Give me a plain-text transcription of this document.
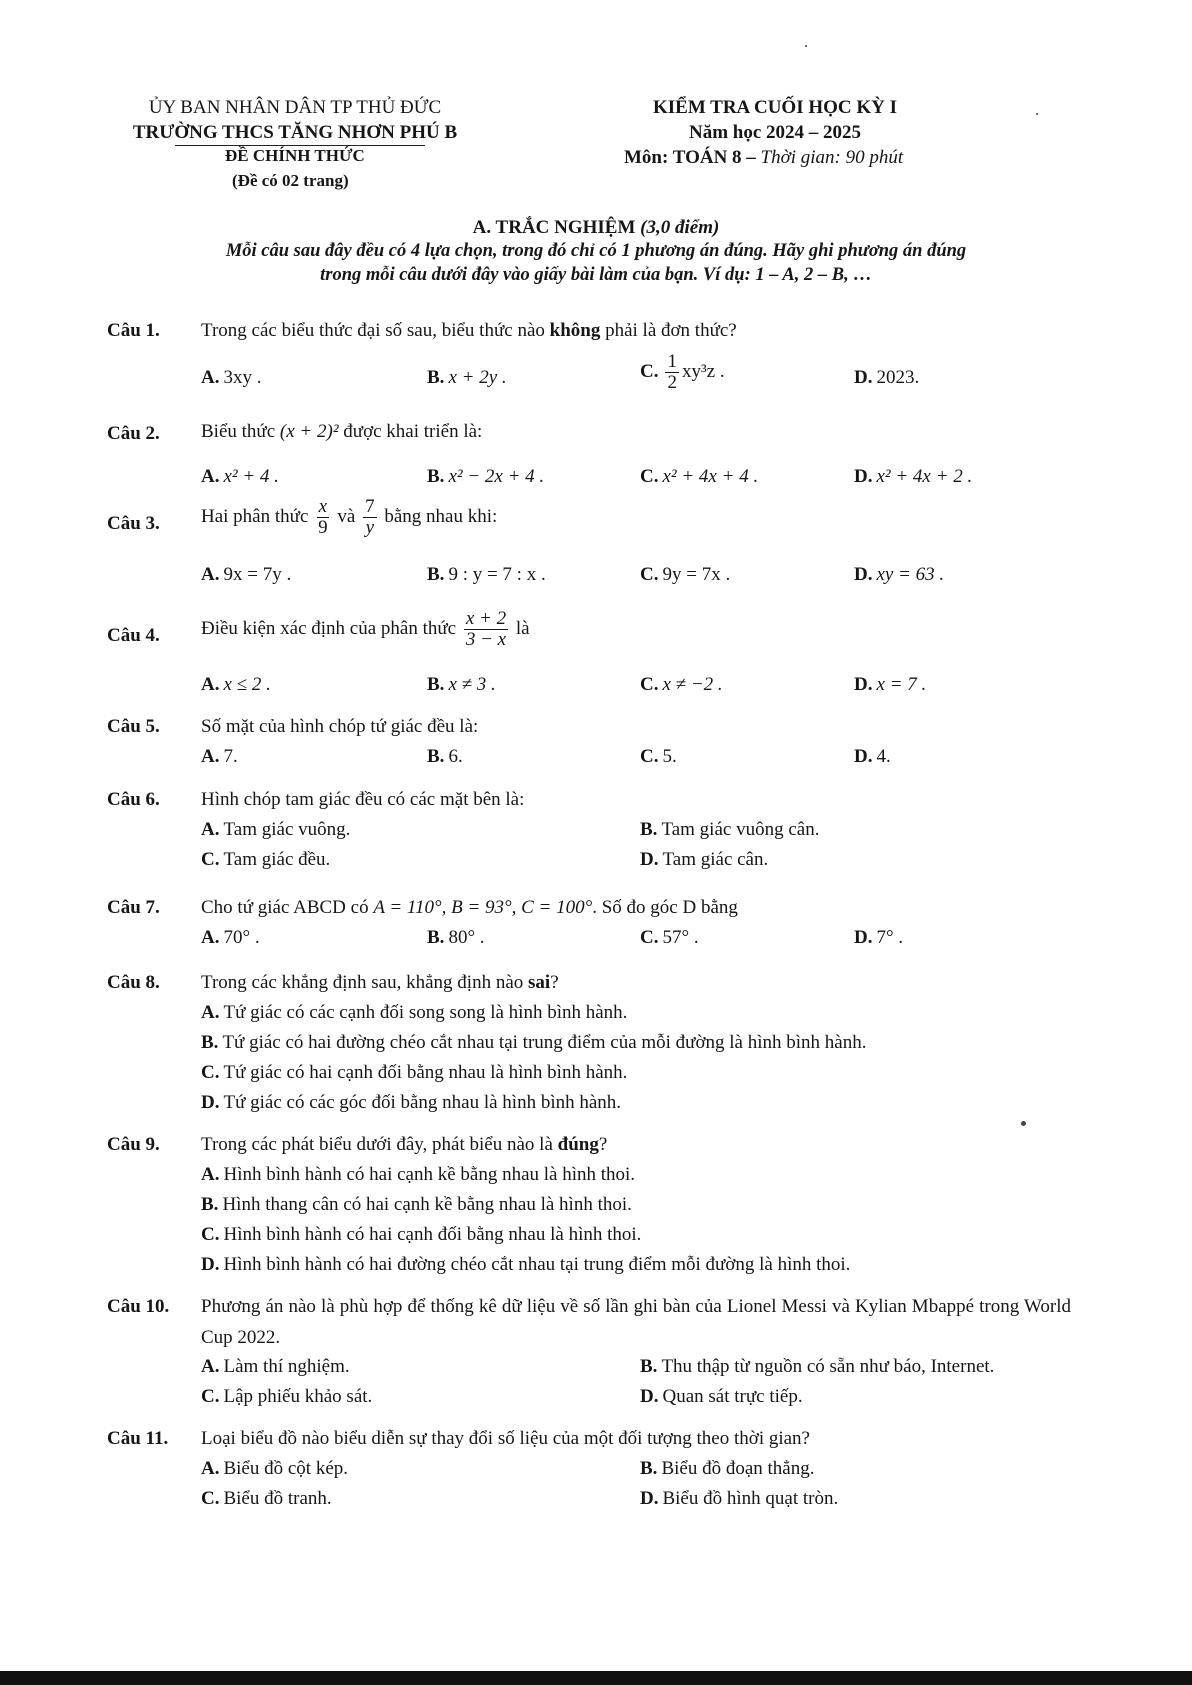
ỦY BAN NHÂN DÂN TP THỦ ĐỨC
TRƯỜNG THCS TĂNG NHƠN PHÚ B
ĐỀ CHÍNH THỨC
(Đề có 02 trang)
KIỂM TRA CUỐI HỌC KỲ I
Năm học 2024 – 2025
Môn: TOÁN 8 – Thời gian: 90 phút
A. TRẮC NGHIỆM (3,0 điểm)
Mỗi câu sau đây đều có 4 lựa chọn, trong đó chỉ có 1 phương án đúng. Hãy ghi phương án đúng
trong mỗi câu dưới đây vào giấy bài làm của bạn. Ví dụ: 1 – A, 2 – B, …
Câu 1. Trong các biểu thức đại số sau, biểu thức nào không phải là đơn thức?
A. 3xy .	B. x + 2y .	C. $\frac{1}{2} xy^3z$ .	D. 2023.
Câu 2. Biểu thức (x + 2)² được khai triển là:
A. x² + 4 .	B. x² − 2x + 4 .	C. x² + 4x + 4 .	D. x² + 4x + 2 .
Câu 3. Hai phân thức $\frac{x}{9}$ và $\frac{7}{y}$ bằng nhau khi:
A. 9x = 7y .	B. 9 : y = 7 : x .	C. 9y = 7x .	D. xy = 63 .
Câu 4. Điều kiện xác định của phân thức $\frac{x + 2}{3 - x}$ là
A. x ≤ 2 .	B. x ≠ 3 .	C. x ≠ −2 .	D. x = 7 .
Câu 5. Số mặt của hình chóp tứ giác đều là:
A. 7.	B. 6.	C. 5.	D. 4.
Câu 6. Hình chóp tam giác đều có các mặt bên là:
A. Tam giác vuông.	B. Tam giác vuông cân.
C. Tam giác đều.	D. Tam giác cân.
Câu 7. Cho tứ giác ABCD có A = 110°, B = 93°, C = 100°. Số đo góc D bằng
A. 70° .	B. 80° .	C. 57° .	D. 7° .
Câu 8. Trong các khẳng định sau, khẳng định nào sai?
A. Tứ giác có các cạnh đối song song là hình bình hành.
B. Tứ giác có hai đường chéo cắt nhau tại trung điểm của mỗi đường là hình bình hành.
C. Tứ giác có hai cạnh đối bằng nhau là hình bình hành.
D. Tứ giác có các góc đối bằng nhau là hình bình hành.
Câu 9. Trong các phát biểu dưới đây, phát biểu nào là đúng?
A. Hình bình hành có hai cạnh kề bằng nhau là hình thoi.
B. Hình thang cân có hai cạnh kề bằng nhau là hình thoi.
C. Hình bình hành có hai cạnh đối bằng nhau là hình thoi.
D. Hình bình hành có hai đường chéo cắt nhau tại trung điểm mỗi đường là hình thoi.
Câu 10. Phương án nào là phù hợp để thống kê dữ liệu về số lần ghi bàn của Lionel Messi và Kylian Mbappé trong World Cup 2022.
A. Làm thí nghiệm.	B. Thu thập từ nguồn có sẵn như báo, Internet.
C. Lập phiếu khảo sát.	D. Quan sát trực tiếp.
Câu 11. Loại biểu đồ nào biểu diễn sự thay đổi số liệu của một đối tượng theo thời gian?
A. Biểu đồ cột kép.	B. Biểu đồ đoạn thẳng.
C. Biểu đồ tranh.	D. Biểu đồ hình quạt tròn.
